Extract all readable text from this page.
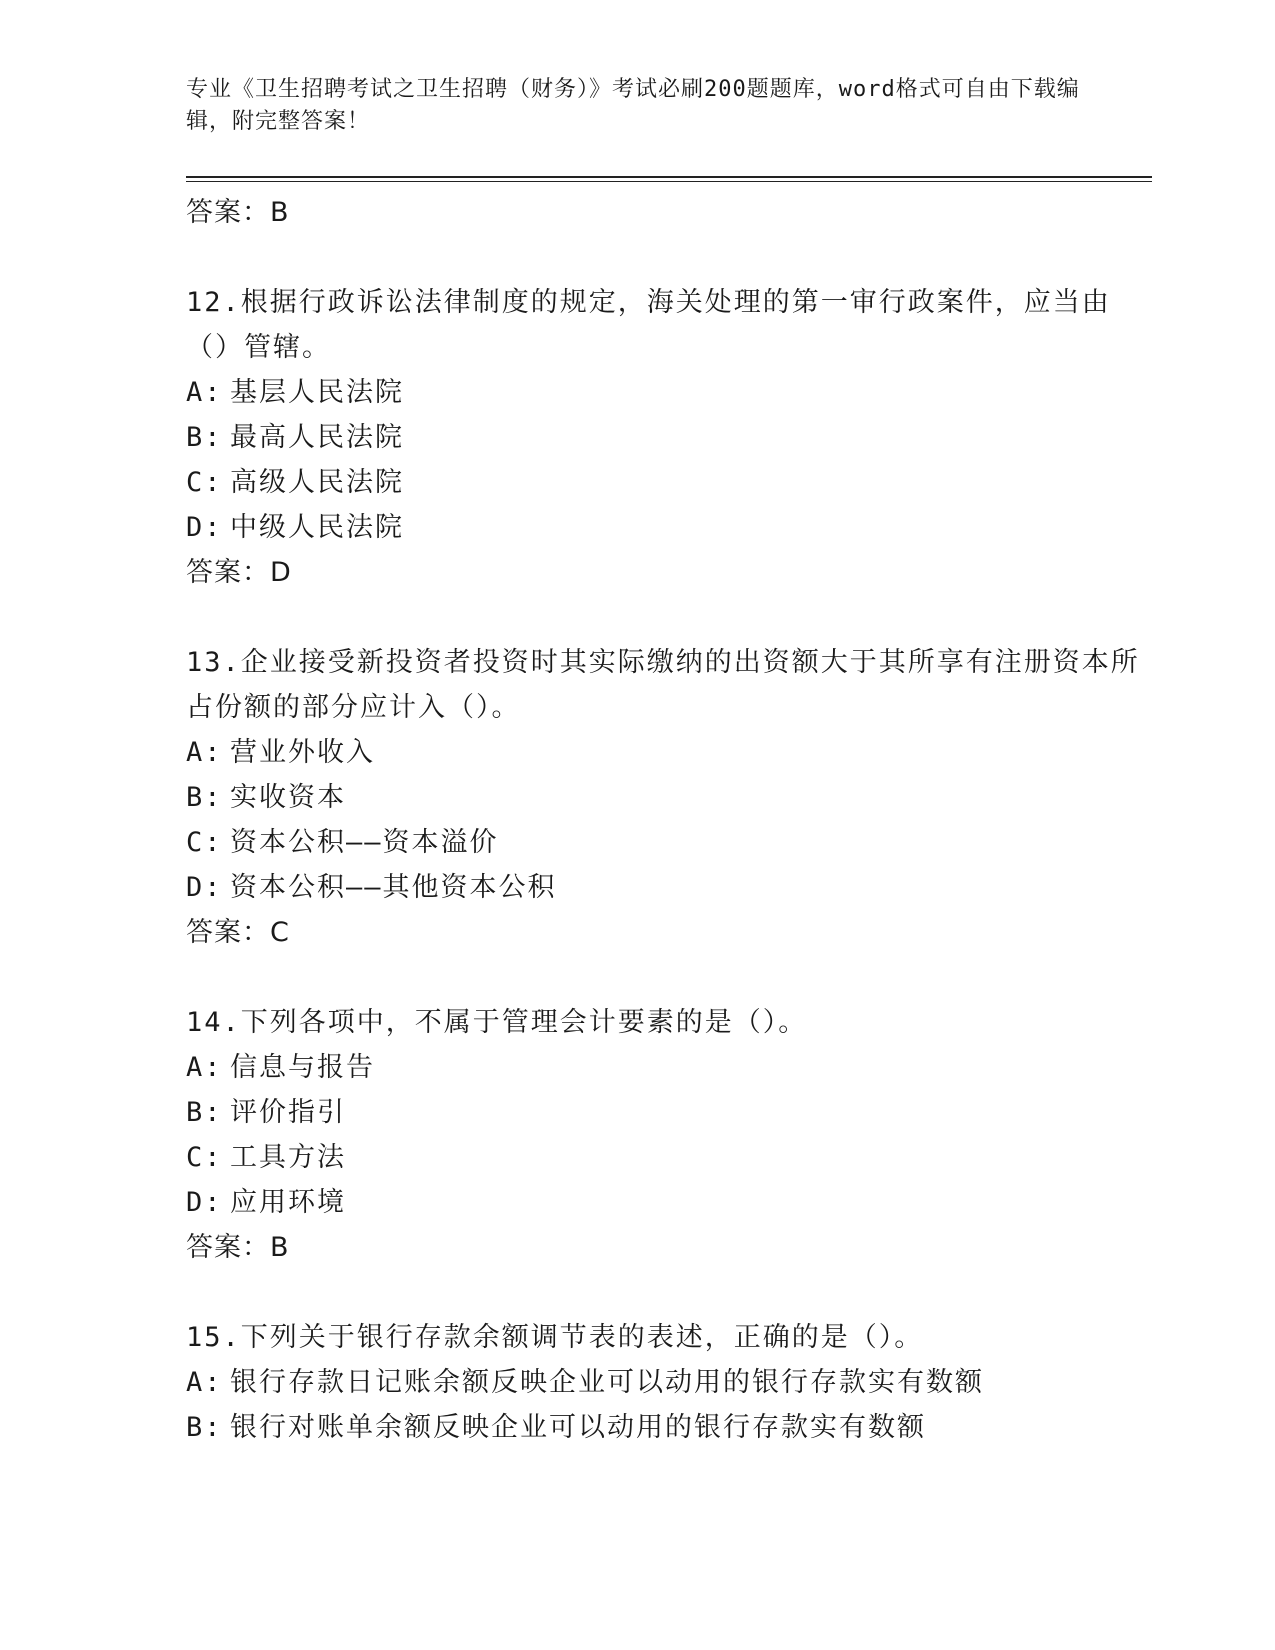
专业《卫生招聘考试之卫生招聘（财务）》考试必刷200题题库，word格式可自由下载编辑，附完整答案！
答案：B
12.根据行政诉讼法律制度的规定，海关处理的第一审行政案件，应当由（）管辖。
A: 基层人民法院
B: 最高人民法院
C: 高级人民法院
D: 中级人民法院
答案：D
13.企业接受新投资者投资时其实际缴纳的出资额大于其所享有注册资本所占份额的部分应计入（）。
A: 营业外收入
B: 实收资本
C: 资本公积——资本溢价
D: 资本公积——其他资本公积
答案：C
14.下列各项中，不属于管理会计要素的是（）。
A: 信息与报告
B: 评价指引
C: 工具方法
D: 应用环境
答案：B
15.下列关于银行存款余额调节表的表述，正确的是（）。
A: 银行存款日记账余额反映企业可以动用的银行存款实有数额
B: 银行对账单余额反映企业可以动用的银行存款实有数额
